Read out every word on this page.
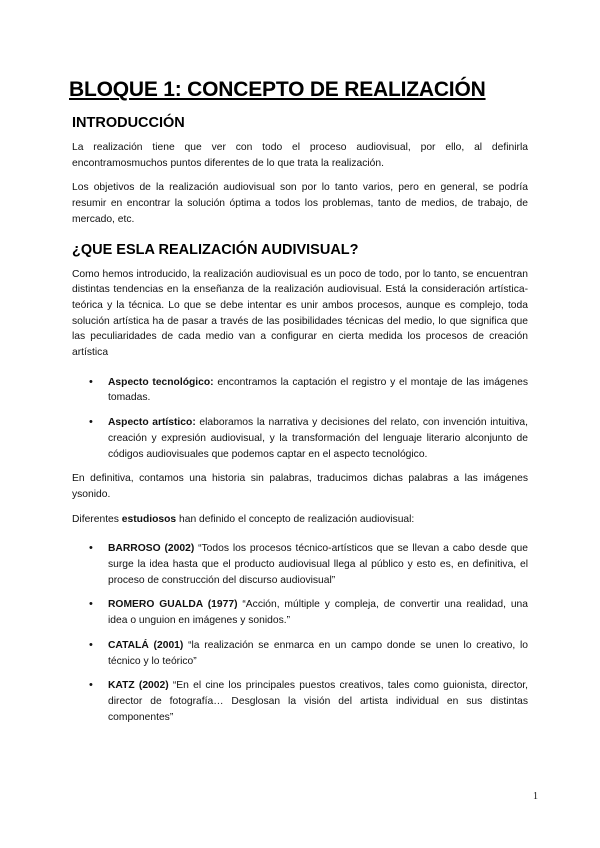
BLOQUE 1: CONCEPTO DE REALIZACIÓN
INTRODUCCIÓN

La realización tiene que ver con todo el proceso audiovisual, por ello, al definirla encontramosmuchos puntos diferentes de lo que trata la realización.

Los objetivos de la realización audiovisual son por lo tanto varios, pero en general, se podría resumir en encontrar la solución óptima a todos los problemas, tanto de medios, de trabajo, de mercado, etc.

¿QUE ESLA REALIZACIÓN AUDIVISUAL?

Como hemos introducido, la realización audiovisual es un poco de todo, por lo tanto, se encuentran distintas tendencias en la enseñanza de la realización audiovisual. Está la consideración artística-teórica y la técnica. Lo que se debe intentar es unir ambos procesos, aunque es complejo, toda solución artística ha de pasar a través de las posibilidades técnicas del medio, lo que significa que las peculiaridades de cada medio van a configurar en cierta medida los procesos de creación artística

• Aspecto tecnológico: encontramos la captación el registro y el montaje de las imágenes tomadas.
• Aspecto artístico: elaboramos la narrativa y decisiones del relato, con invención intuitiva, creación y expresión audiovisual, y la transformación del lenguaje literario alconjunto de códigos audiovisuales que podemos captar en el aspecto tecnológico.

En definitiva, contamos una historia sin palabras, traducimos dichas palabras a las imágenes ysonido.

Diferentes estudiosos han definido el concepto de realización audiovisual:

• BARROSO (2002) “Todos los procesos técnico-artísticos que se llevan a cabo desde que surge la idea hasta que el producto audiovisual llega al público y esto es, en definitiva, el proceso de construcción del discurso audiovisual”
• ROMERO GUALDA (1977) “Acción, múltiple y compleja, de convertir una realidad, una idea o unguion en imágenes y sonidos.”
• CATALÁ (2001) “la realización se enmarca en un campo donde se unen lo creativo, lo técnico y lo teórico”
• KATZ (2002) “En el cine los principales puestos creativos, tales como guionista, director, director de fotografía… Desglosan la visión del artista individual en sus distintas componentes”
1
